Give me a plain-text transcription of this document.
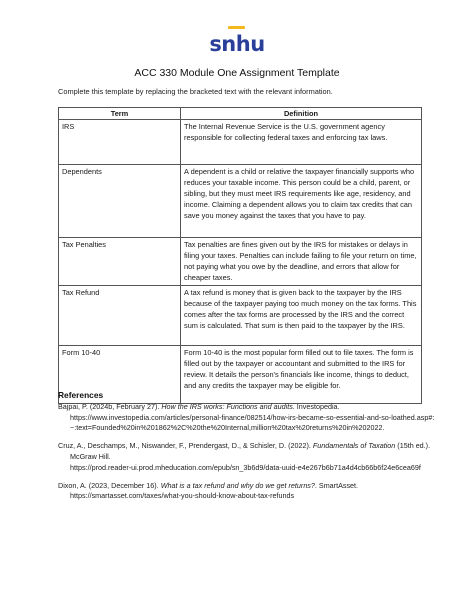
snhu
ACC 330 Module One Assignment Template
Complete this template by replacing the bracketed text with the relevant information.
Term	Definition
IRS	The Internal Revenue Service is the U.S. government agency responsible for collecting federal taxes and enforcing tax laws.
Dependents	A dependent is a child or relative the taxpayer financially supports who reduces your taxable income. This person could be a child, parent, or sibling, but they must meet IRS requirements like age, residency, and income. Claiming a dependent allows you to claim tax credits that can save you money against the taxes that you have to pay.
Tax Penalties	Tax penalties are fines given out by the IRS for mistakes or delays in filing your taxes. Penalties can include failing to file your return on time, not paying what you owe by the deadline, and errors that allow for cheaper taxes.
Tax Refund	A tax refund is money that is given back to the taxpayer by the IRS because of the taxpayer paying too much money on the tax forms. This comes after the tax forms are processed by the IRS and the correct sum is calculated. That sum is then paid to the taxpayer by the IRS.
Form 10-40	Form 10-40 is the most popular form filled out to file taxes. The form is filled out by the taxpayer or accountant and submitted to the IRS for review. It details the person's financials like income, things to deduct, and any credits the taxpayer may be eligible for.
References
Bajpai, P. (2024b, February 27). How the IRS works: Functions and audits. Investopedia.
https://www.investopedia.com/articles/personal-finance/082514/how-irs-became-so-essential-and-so-loathed.asp#:~:text=Founded%20in%201862%2C%20the%20Internal,million%20tax%20returns%20in%202022.
Cruz, A., Deschamps, M., Niswander, F., Prendergast, D., & Schisler, D. (2022). Fundamentals of Taxation (15th ed.). McGraw Hill.
https://prod.reader-ui.prod.mheducation.com/epub/sn_3b6d9/data-uuid-e4e267b6b71a4d4cb66b6f24e6cea69f
Dixon, A. (2023, December 16). What is a tax refund and why do we get returns?. SmartAsset.
https://smartasset.com/taxes/what-you-should-know-about-tax-refunds
